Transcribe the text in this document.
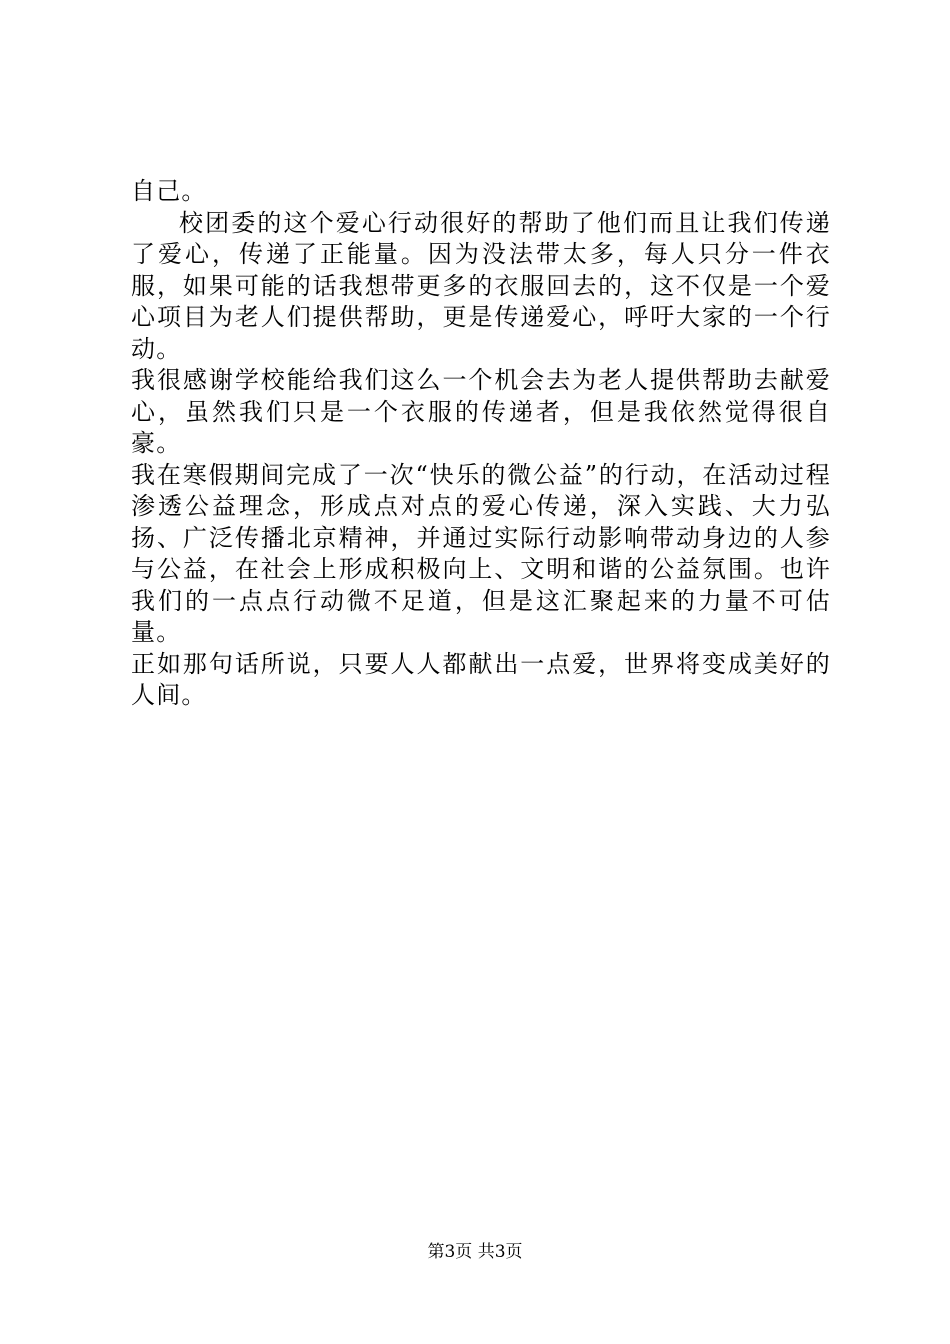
自己。

校团委的这个爱心行动很好的帮助了他们而且让我们传递了爱心，传递了正能量。因为没法带太多，每人只分一件衣服，如果可能的话我想带更多的衣服回去的，这不仅是一个爱心项目为老人们提供帮助，更是传递爱心，呼吁大家的一个行动。

我很感谢学校能给我们这么一个机会去为老人提供帮助去献爱心，虽然我们只是一个衣服的传递者，但是我依然觉得很自豪。

我在寒假期间完成了一次“快乐的微公益”的行动，在活动过程渗透公益理念，形成点对点的爱心传递，深入实践、大力弘扬、广泛传播北京精神，并通过实际行动影响带动身边的人参与公益，在社会上形成积极向上、文明和谐的公益氛围。也许我们的一点点行动微不足道，但是这汇聚起来的力量不可估量。

正如那句话所说，只要人人都献出一点爱，世界将变成美好的人间。

第3页 共3页
